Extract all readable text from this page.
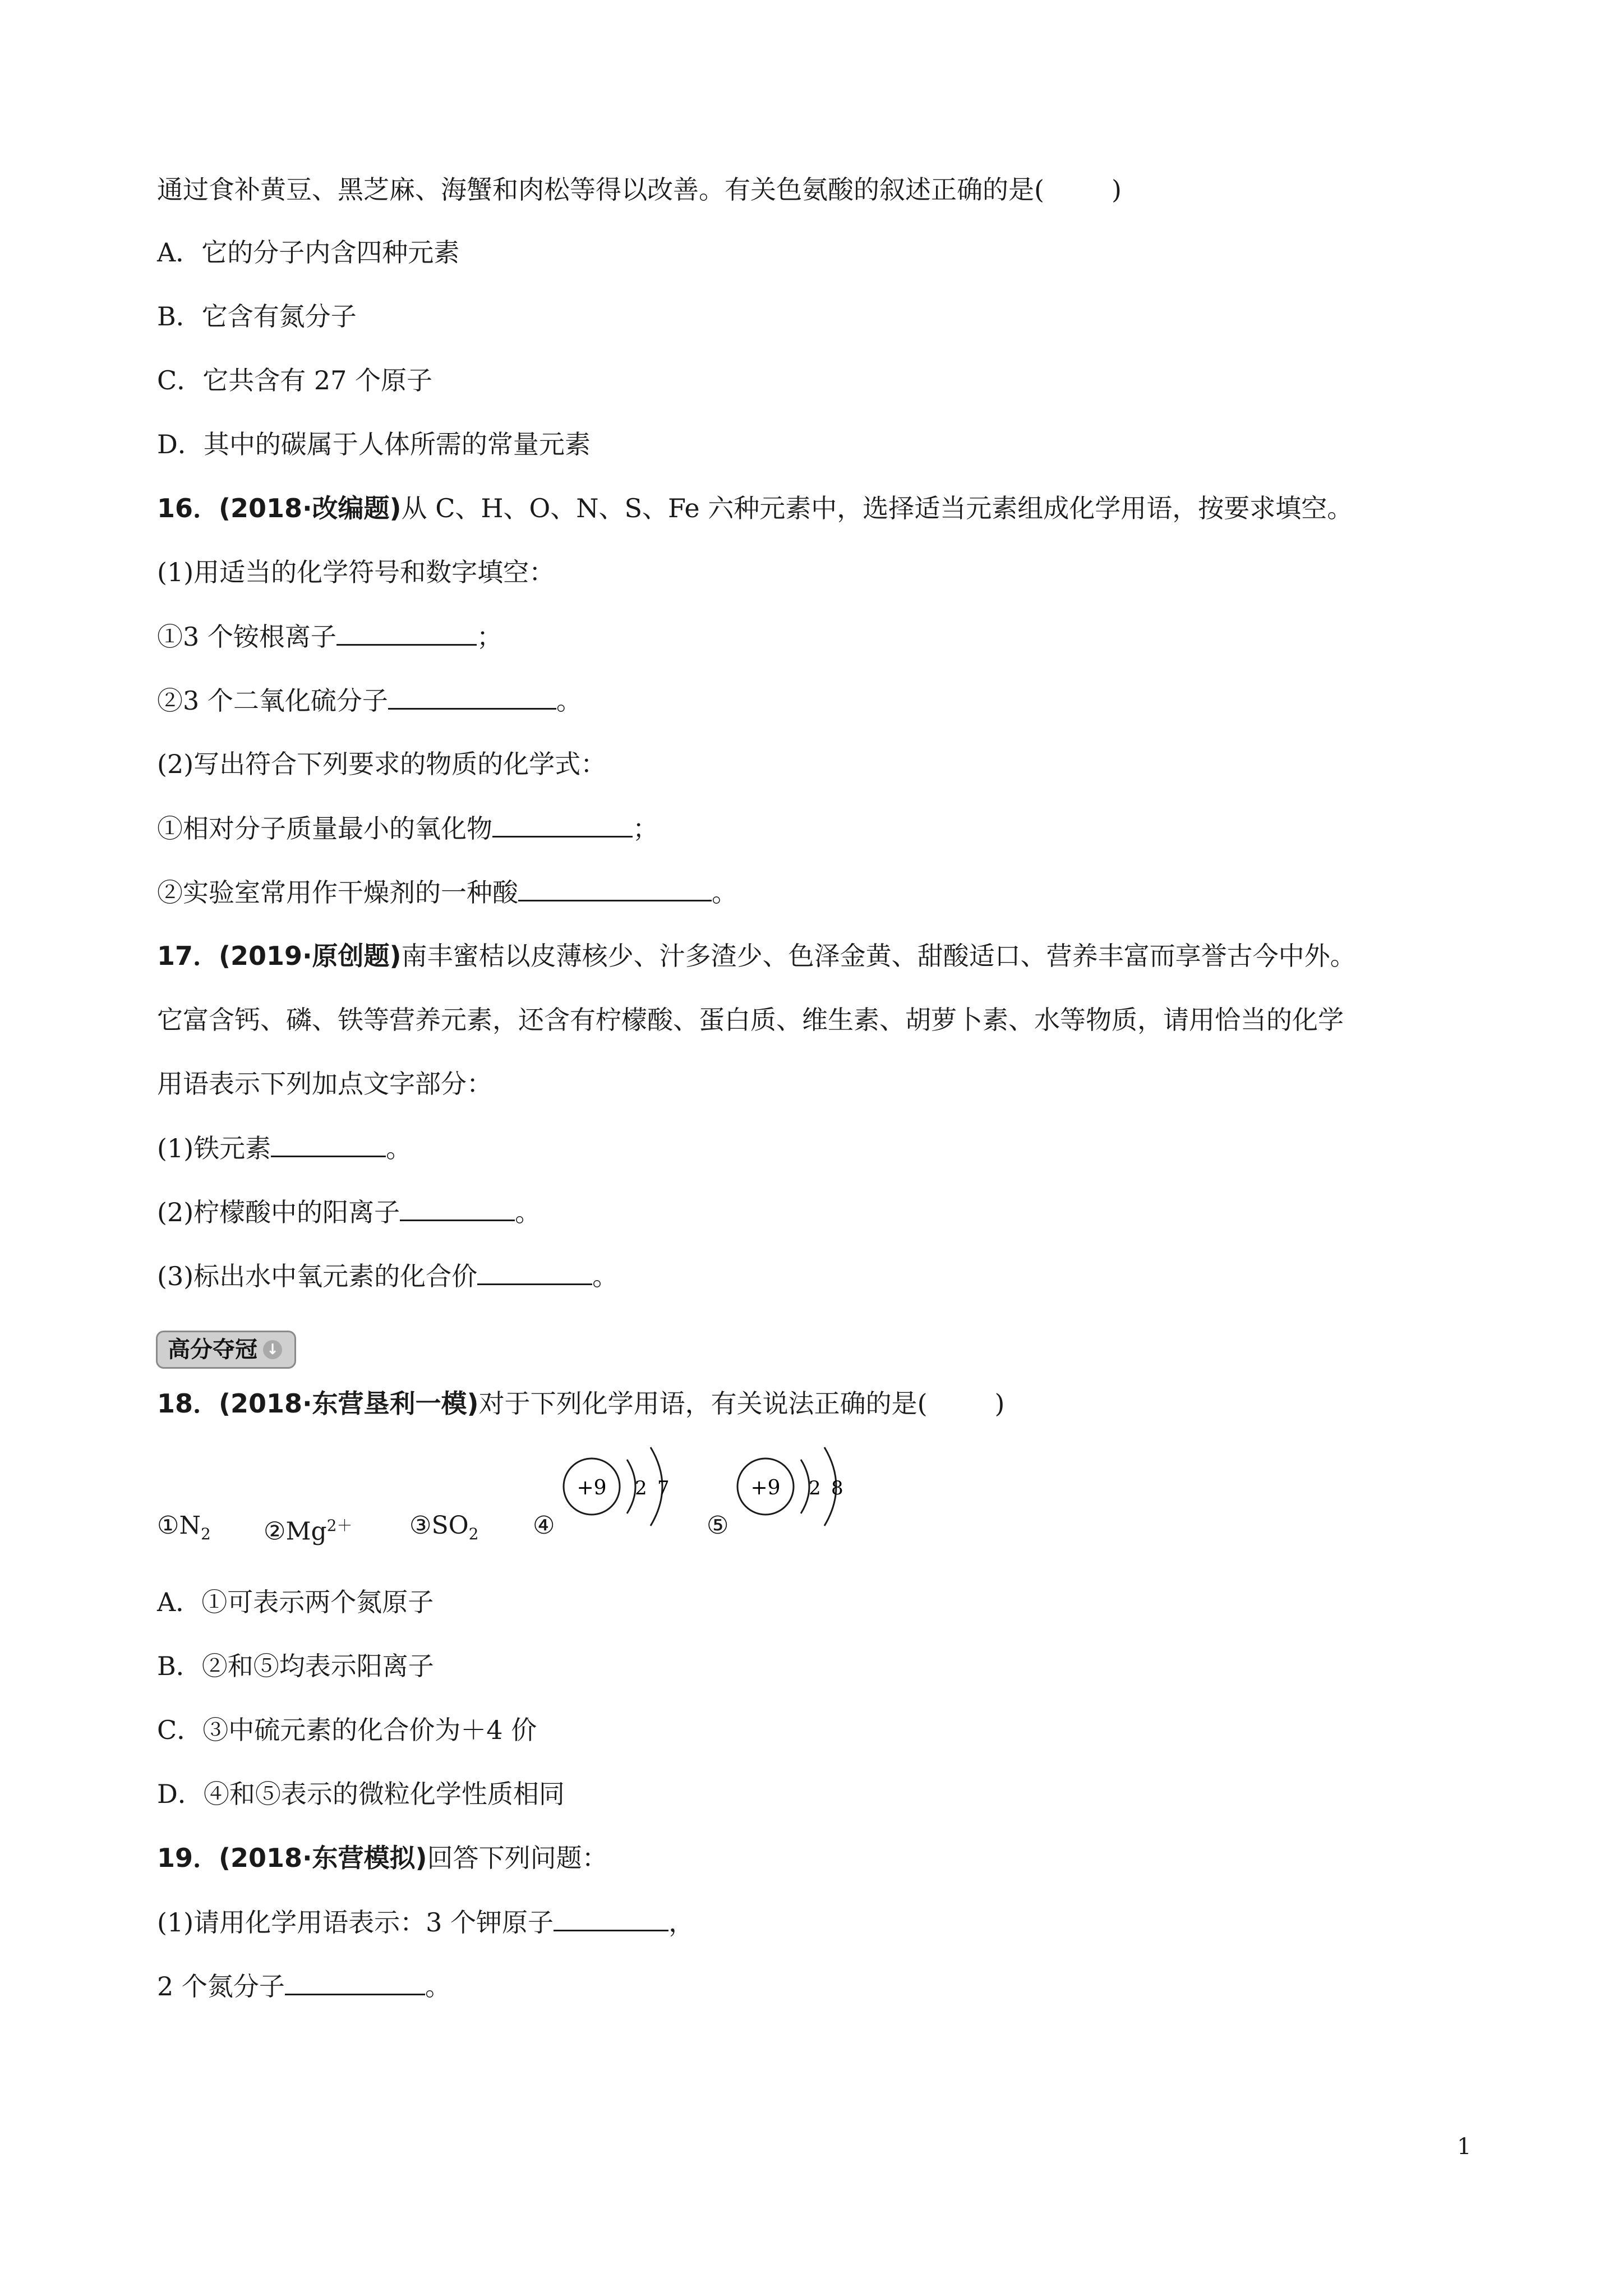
通过食补黄豆、黑芝麻、海蟹和肉松等得以改善。有关色氨酸的叙述正确的是(	)
A．它的分子内含四种元素
B．它含有氮分子
C．它共含有 27 个原子
D．其中的碳属于人体所需的常量元素
16．(2018·改编题)从 C、H、O、N、S、Fe 六种元素中，选择适当元素组成化学用语，按要求填空。
(1)用适当的化学符号和数字填空：
①3 个铵根离子	；
②3 个二氧化硫分子	。
(2)写出符合下列要求的物质的化学式：
①相对分子质量最小的氧化物	；
②实验室常用作干燥剂的一种酸	。
17．(2019·原创题)南丰蜜桔以皮薄核少、汁多渣少、色泽金黄、甜酸适口、营养丰富而享誉古今中外。
它富含钙、磷、铁等营养元素，还含有柠檬酸、蛋白质、维生素、胡萝卜素、水等物质，请用恰当的化学
用语表示下列加点文字部分：
(1)铁元素	。
(2)柠檬酸中的阳离子	。
(3)标出水中氧元素的化合价	。
高分夺冠 ↓
18．(2018·东营垦利一模)对于下列化学用语，有关说法正确的是(	)
$①N_2$ $②Mg^{2+}$ $③SO_2$ ④
+9 2 7
⑤
+9 2 8
A．①可表示两个氮原子
B．②和⑤均表示阳离子
C．③中硫元素的化合价为＋4 价
D．④和⑤表示的微粒化学性质相同
19．(2018·东营模拟)回答下列问题：
(1)请用化学用语表示：3 个钾原子	，
2 个氮分子	。
1
